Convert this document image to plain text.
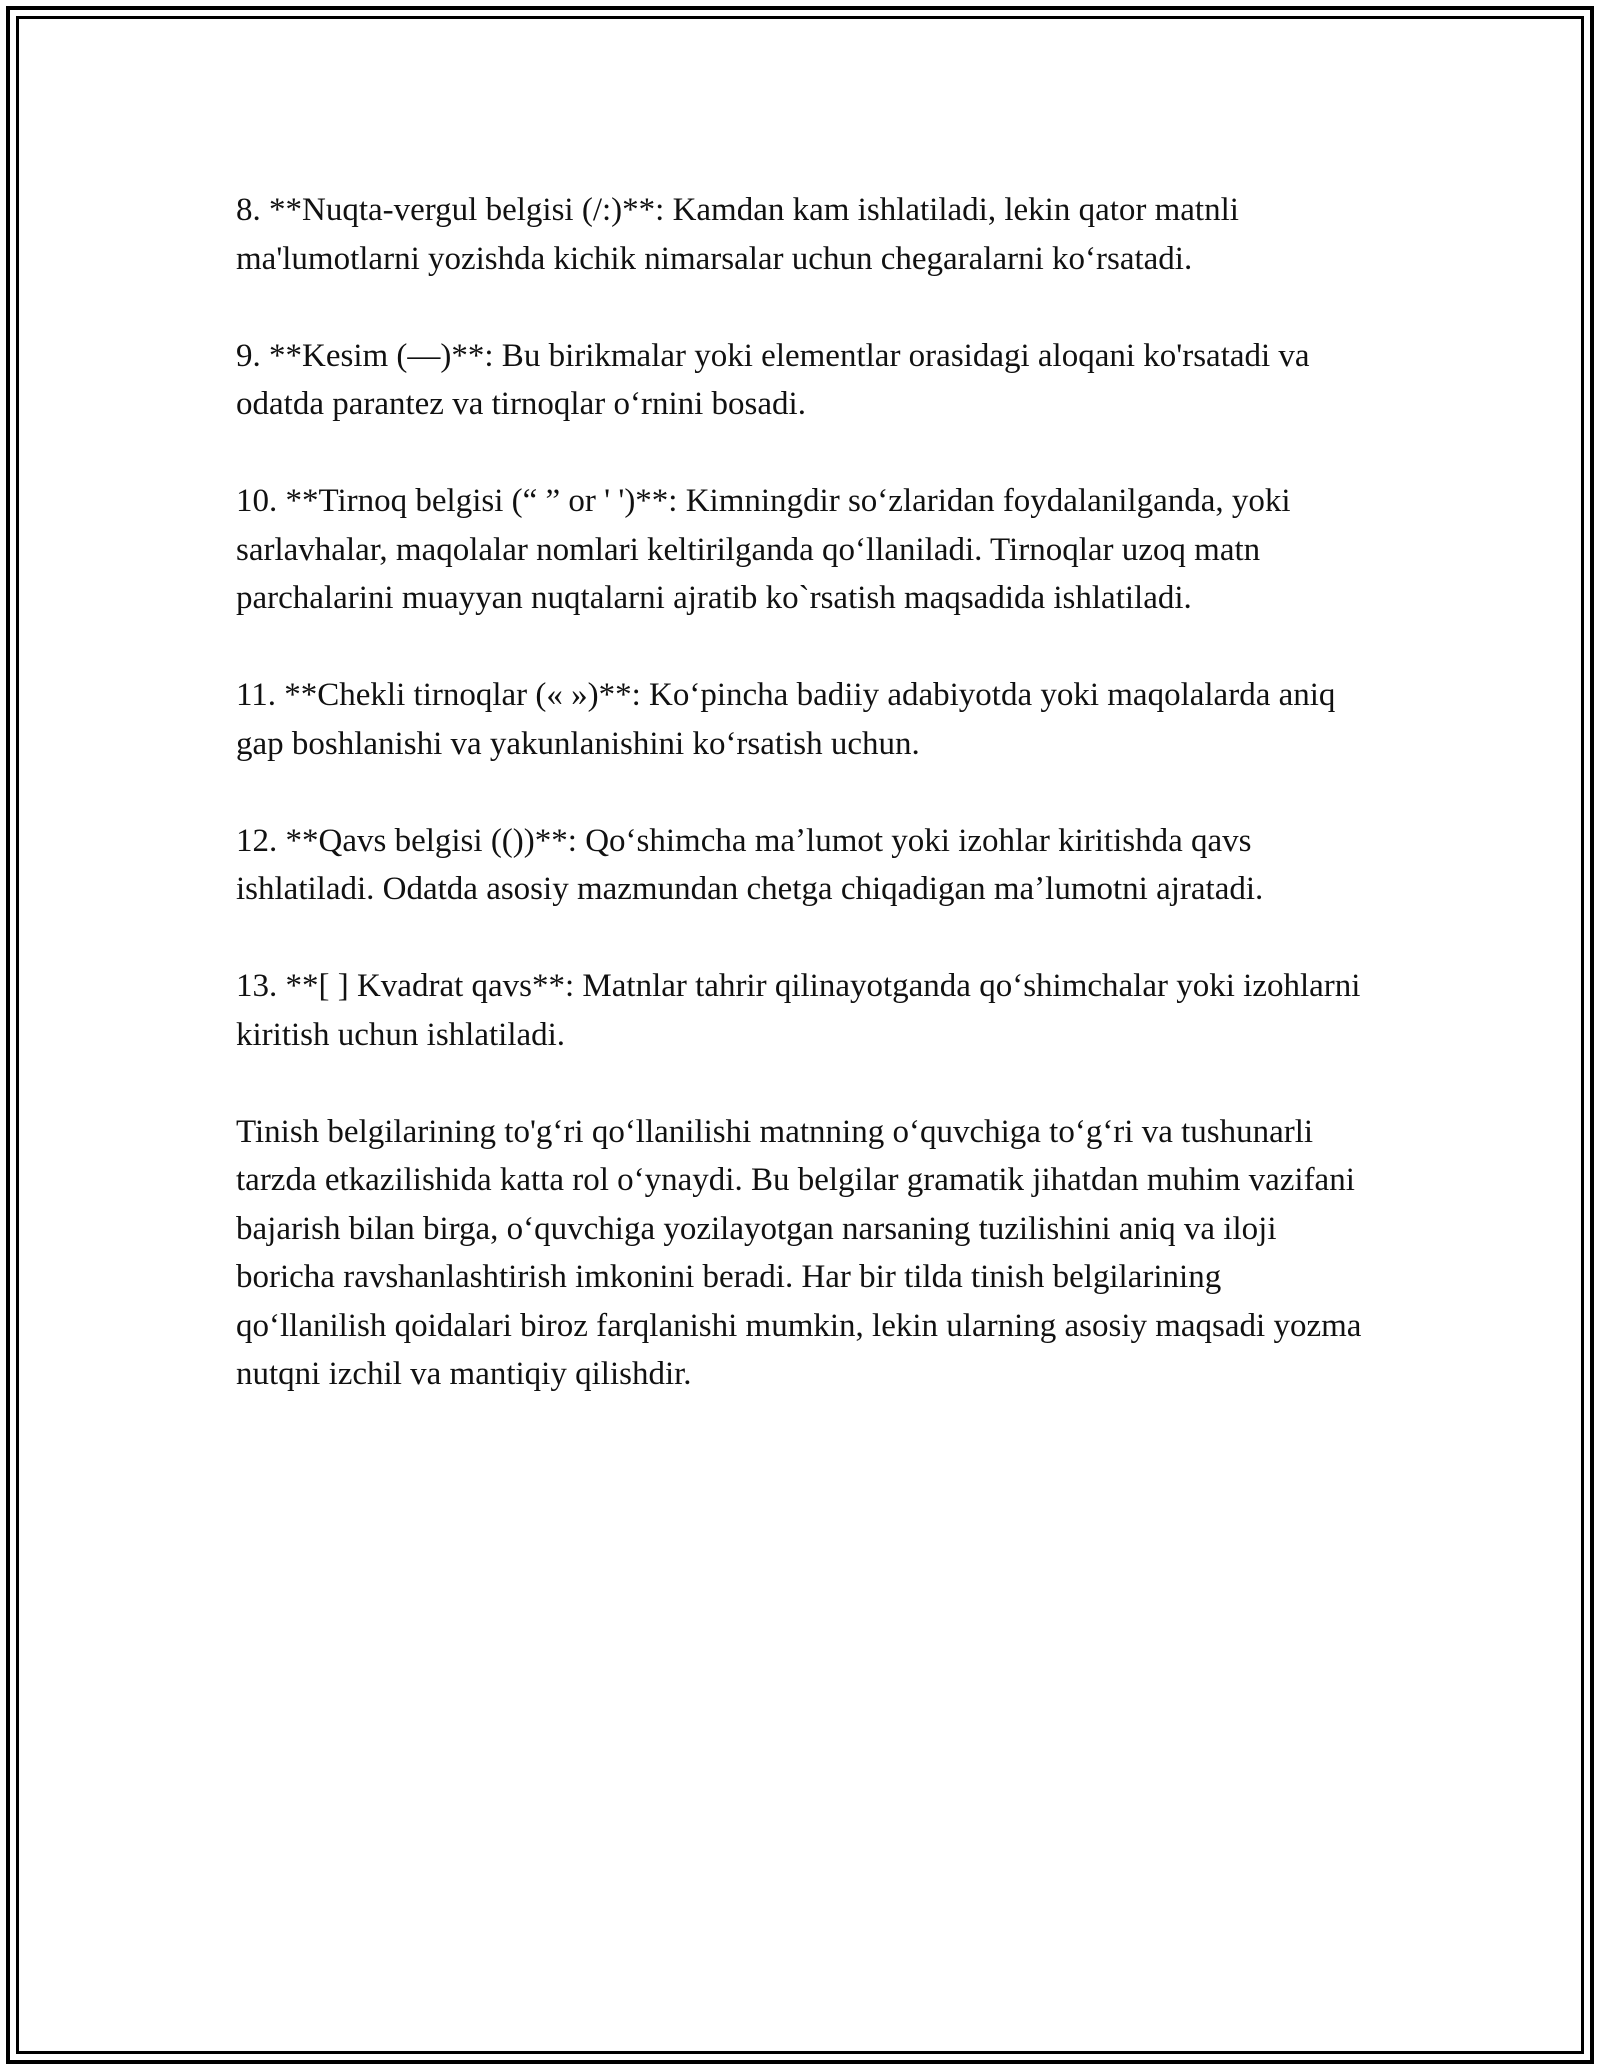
8. **Nuqta-vergul belgisi (/:)**: Kamdan kam ishlatiladi, lekin qator matnli ma'lumotlarni yozishda kichik nimarsalar uchun chegaralarni koʻrsatadi.

9. **Kesim (—)**: Bu birikmalar yoki elementlar orasidagi aloqani ko'rsatadi va odatda parantez va tirnoqlar oʻrnini bosadi.

10. **Tirnoq belgisi (“ ” or ' ')**: Kimningdir soʻzlaridan foydalanilganda, yoki sarlavhalar, maqolalar nomlari keltirilganda qoʻllaniladi. Tirnoqlar uzoq matn parchalarini muayyan nuqtalarni ajratib ko`rsatish maqsadida ishlatiladi.

11. **Chekli tirnoqlar (« »)**: Koʻpincha badiiy adabiyotda yoki maqolalarda aniq gap boshlanishi va yakunlanishini koʻrsatish uchun.

12. **Qavs belgisi (())**: Qoʻshimcha maʼlumot yoki izohlar kiritishda qavs ishlatiladi. Odatda asosiy mazmundan chetga chiqadigan maʼlumotni ajratadi.

13. **[ ] Kvadrat qavs**: Matnlar tahrir qilinayotganda qoʻshimchalar yoki izohlarni kiritish uchun ishlatiladi.

Tinish belgilarining to'gʻri qoʻllanilishi matnning oʻquvchiga toʻgʻri va tushunarli tarzda etkazilishida katta rol oʻynaydi. Bu belgilar gramatik jihatdan muhim vazifani bajarish bilan birga, oʻquvchiga yozilayotgan narsaning tuzilishini aniq va iloji boricha ravshanlashtirish imkonini beradi. Har bir tilda tinish belgilarining qoʻllanilish qoidalari biroz farqlanishi mumkin, lekin ularning asosiy maqsadi yozma nutqni izchil va mantiqiy qilishdir.
